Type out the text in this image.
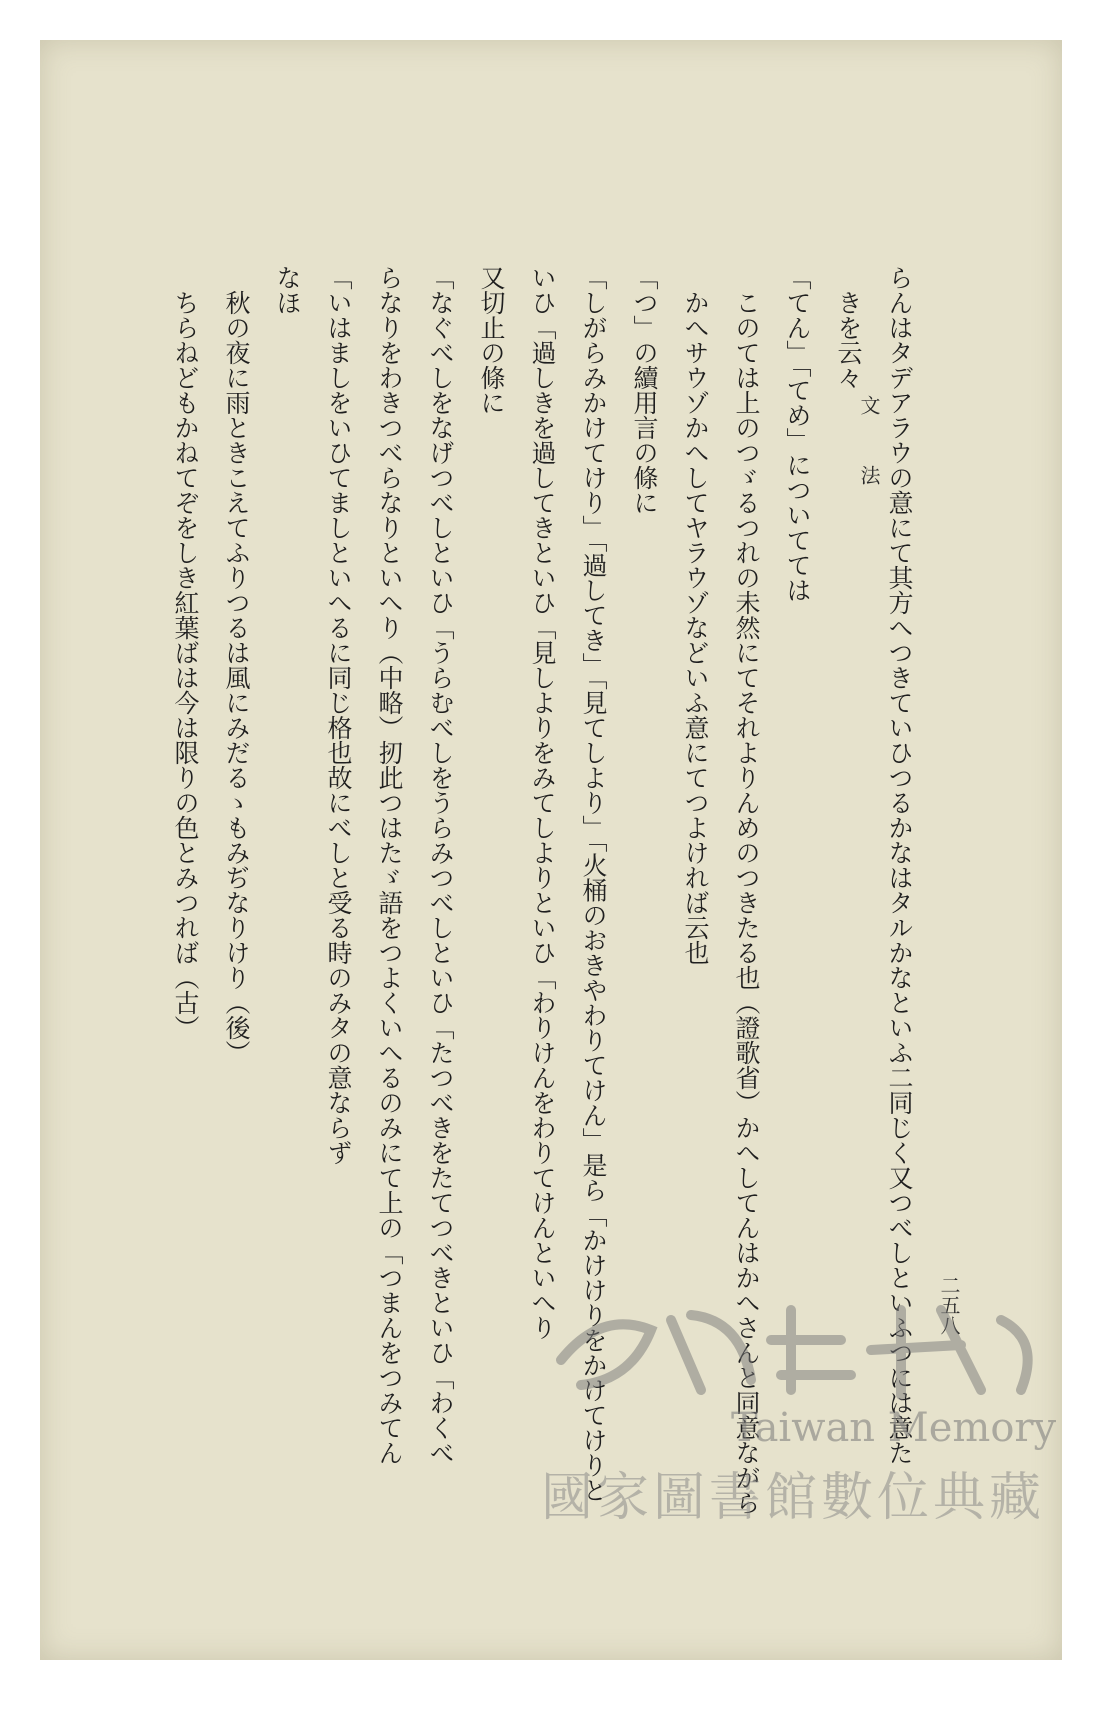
文
法
二五八
らんはタデアラウの意にて其方へつきていひつるかなはタルかなといふ二同じく又つべしといふつには意た
きを云々
「てん」「てめ」についてては
このては上のつゞるつれの未然にてそれよりんめのつきたる也（證歌省）かへしてんはかへさんと同意ながら
かへサウゾかへしてヤラウゾなどいふ意にてつよければ云也
「つ」の續用言の條に
「しがらみかけてけり」「過してき」「見てしより」「火桶のおきやわりてけん」是ら「かけけりをかけてけりと
いひ「過しきを過してきといひ「見しよりをみてしよりといひ「わりけんをわりてけんといへり
又切止の條に
「なぐべしをなげつべしといひ「うらむべしをうらみつべしといひ「たつべきをたてつべきといひ「わくべ
らなりをわきつべらなりといへり（中略）扨此つはたゞ語をつよくいへるのみにて上の「つまんをつみてん
「いはましをいひてましといへるに同じ格也故にべしと受る時のみタの意ならず
なほ
秋の夜に雨ときこえてふりつるは風にみだるゝもみぢなりけり（後）
ちらねどもかねてぞをしき紅葉ばは今は限りの色とみつれば（古）
Taiwan Memory
國家圖書館數位典藏
